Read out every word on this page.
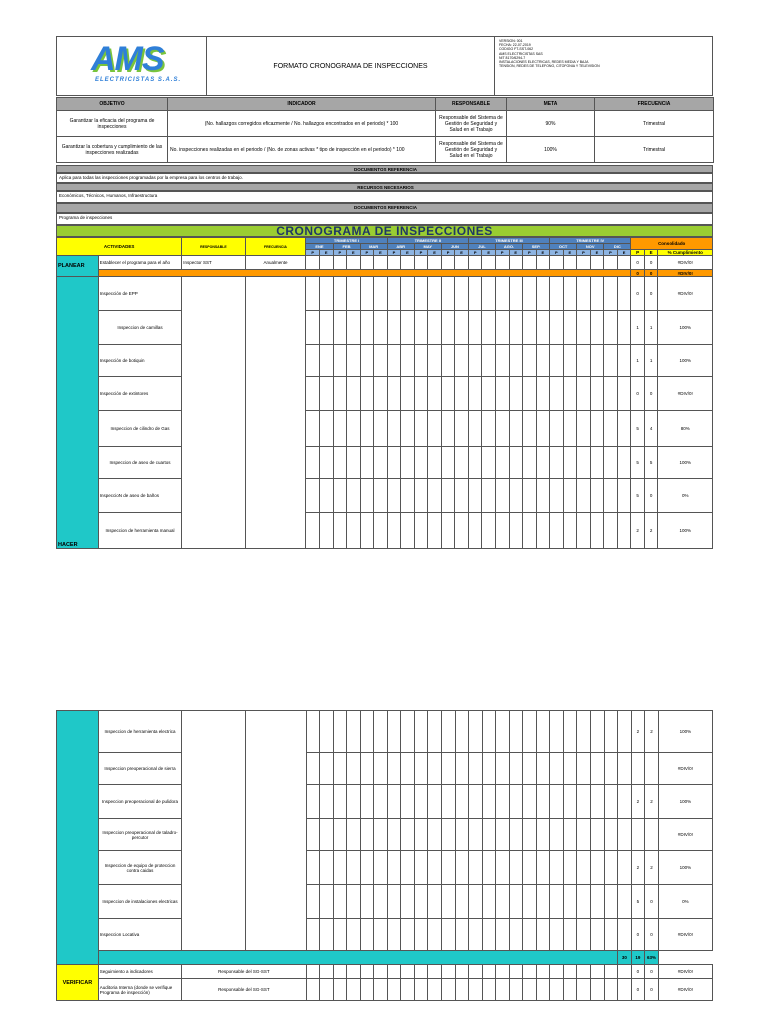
AMS
ELECTRICISTAS S.A.S.
FORMATO CRONOGRAMA DE INSPECCIONES
VERSION: 001
FECHA: 22-07-2019
CODIGO FT-SST-062
AMS ELECTRICISTAS SAS
NIT 8170/6294-7
INSTALACIONES ELECTRICAS, REDES MEDIA Y BAJA
TENSION, REDES DE TELEFONO, CITOFONIA Y TELEVISION
OBJETIVO	INDICADOR	RESPONSABLE	META	FRECUENCIA
Garantizar la eficacia del programa de inspecciones	(No. hallazgos corregidos eficazmente / No. hallazgos encontrados en el periodo) * 100	Responsable del Sistema de Gestión de Seguridad y Salud en el Trabajo	90%	Trimestral
Garantizar la cobertura y cumplimiento de las inspecciones realizadas	No. inspecciones realizadas en el periodo / (No. de zonas activas * tipo de inspección en el periodo) * 100	Responsable del Sistema de Gestión de Seguridad y Salud en el Trabajo	100%	Trimestral
DOCUMENTOS REFERENCIA
Aplica para todas las inspecciones programadas por la empresa para los centros de trabajo.
RECURSOS NECESARIOS
Económicos, Técnicos, Humanos, Infraestructura
DOCUMENTOS REFERENCIA
Programa de inspecciones
CRONOGRAMA DE INSPECCIONES
ACTIVIDADES		RESPONSABLE	FRECUENCIA	TRIMESTRE I						TRIMESTRE II						TRIMESTRE III						TRIMESTRE IV						Consolidado		
				ENE		FEB		MAR		ABR		MAY		JUN		JUL		AGO.		SEP.		OCT		NOV		DIC				
				P	E	P	E	P	E	P	E	P	E	P	E	P	E	P	E	P	E	P	E	P	E	P	E	P	E	% Cumplimiento
PLANEAR	Establecer el programa para el año	Inspector SST	Anualmente																									0	0	#DIV/0!
																												0	0	#DIV/0!
HACER	Inspección de EPP																											0	0	#DIV/0!
	Inspeccion de camillas																											1	1	100%
	Inspección de botiquin																											1	1	100%
	Inspección de extintores																											0	0	#DIV/0!
	Inspeccion de cilindro de Gas																											5	4	80%
	Inspeccion de aseo de cuartos																											5	5	100%
	InspeccioN de aseo de baños																											5	0	0%
	Inspeccion de herramienta manual																											2	2	100%
	Inspeccion de herramienta electrica																											2	2	100%
	Inspeccion preoperacional de sierra																													#DIV/0!
	Inspeccion preoperacional de pulidora																											2	2	100%
	Inspeccion preoperacional de taladro-percutor																													#DIV/0!
	Inspeccion de equipo de proteccion contra caidas																											2	2	100%
	Inspeccion de instalaciones electricas																											5	0	0%
	Inspeccion Locativa																											0	0	#DIV/0!
																											30	19	63%	
VERIFICAR	Seguimiento a indicadores	Responsable del SG-SST																										0	0	#DIV/0!
	Auditoria Interna (donde se verifique Programa de inspección)	Responsable del SG-SST																										0	0	#DIV/0!
